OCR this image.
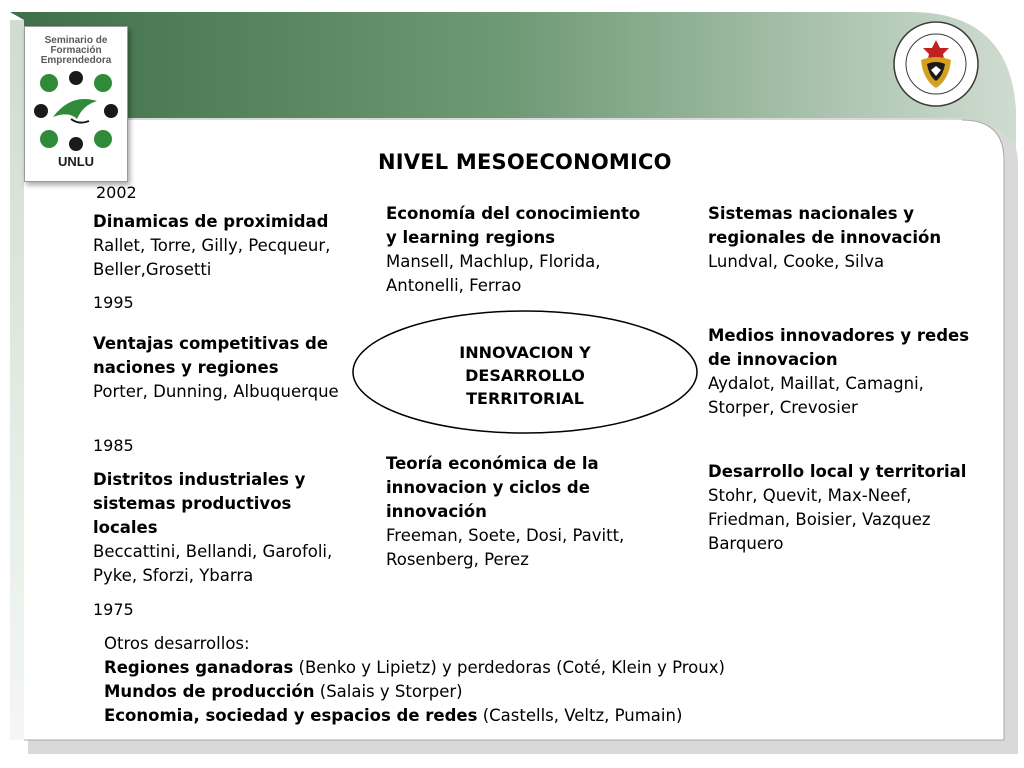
Seminario de
Formación
Emprendedora
UNLU	NIVEL MESOECONOMICO
2002
1995
1985
1975
Dinamicas de proximidad
Rallet, Torre, Gilly, Pecqueur,
Beller,Grosetti
Ventajas competitivas de
naciones y regiones
Porter, Dunning, Albuquerque
Distritos industriales y
sistemas productivos
locales
Beccattini, Bellandi, Garofoli,
Pyke, Sforzi, Ybarra
Economía del conocimiento
y learning regions
Mansell, Machlup, Florida,
Antonelli, Ferrao
Teoría económica de la
innovacion y ciclos de
innovación
Freeman, Soete, Dosi, Pavitt,
Rosenberg, Perez
INNOVACION Y
DESARROLLO
TERRITORIAL
Sistemas nacionales y
regionales de innovación
Lundval, Cooke, Silva
Medios innovadores y redes
de innovacion
Aydalot, Maillat, Camagni,
Storper, Crevosier
Desarrollo local y territorial
Stohr, Quevit, Max-Neef,
Friedman, Boisier, Vazquez
Barquero
Otros desarrollos:
Regiones ganadoras (Benko y Lipietz) y perdedoras (Coté, Klein y Proux)
Mundos de producción (Salais y Storper)
Economia, sociedad y espacios de redes (Castells, Veltz, Pumain)
